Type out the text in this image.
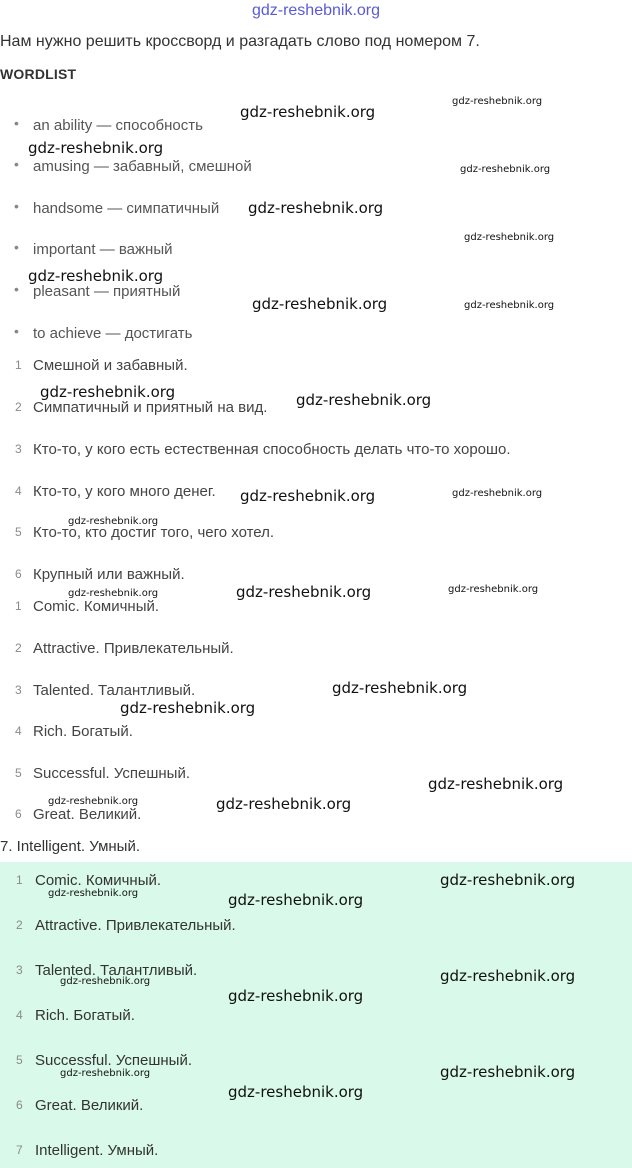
gdz-reshebnik.org
Нам нужно решить кроссворд и разгадать слово под номером 7.
WORDLIST
• an ability — способность
• amusing — забавный, смешной
• handsome — симпатичный
• important — важный
• pleasant — приятный
• to achieve — достигать
1 Смешной и забавный.
2 Симпатичный и приятный на вид.
3 Кто-то, у кого есть естественная способность делать что-то хорошо.
4 Кто-то, у кого много денег.
5 Кто-то, кто достиг того, чего хотел.
6 Крупный или важный.
1 Comic. Комичный.
2 Attractive. Привлекательный.
3 Talented. Талантливый.
4 Rich. Богатый.
5 Successful. Успешный.
6 Great. Великий.
7. Intelligent. Умный.
1 Comic. Комичный.
2 Attractive. Привлекательный.
3 Talented. Талантливый.
4 Rich. Богатый.
5 Successful. Успешный.
6 Great. Великий.
7 Intelligent. Умный.
gdz-reshebnik.org
gdz-reshebnik.org
gdz-reshebnik.org
gdz-reshebnik.org
gdz-reshebnik.org
gdz-reshebnik.org
gdz-reshebnik.org
gdz-reshebnik.org	gdz-reshebnik.org
gdz-reshebnik.org	gdz-reshebnik.org
gdz-reshebnik.org	gdz-reshebnik.org
gdz-reshebnik.org
gdz-reshebnik.org	gdz-reshebnik.org	gdz-reshebnik.org
gdz-reshebnik.org
gdz-reshebnik.org
gdz-reshebnik.org
gdz-reshebnik.org	gdz-reshebnik.org
gdz-reshebnik.org
gdz-reshebnik.org	gdz-reshebnik.org
gdz-reshebnik.org
gdz-reshebnik.org
gdz-reshebnik.org
gdz-reshebnik.org
gdz-reshebnik.org
gdz-reshebnik.org
